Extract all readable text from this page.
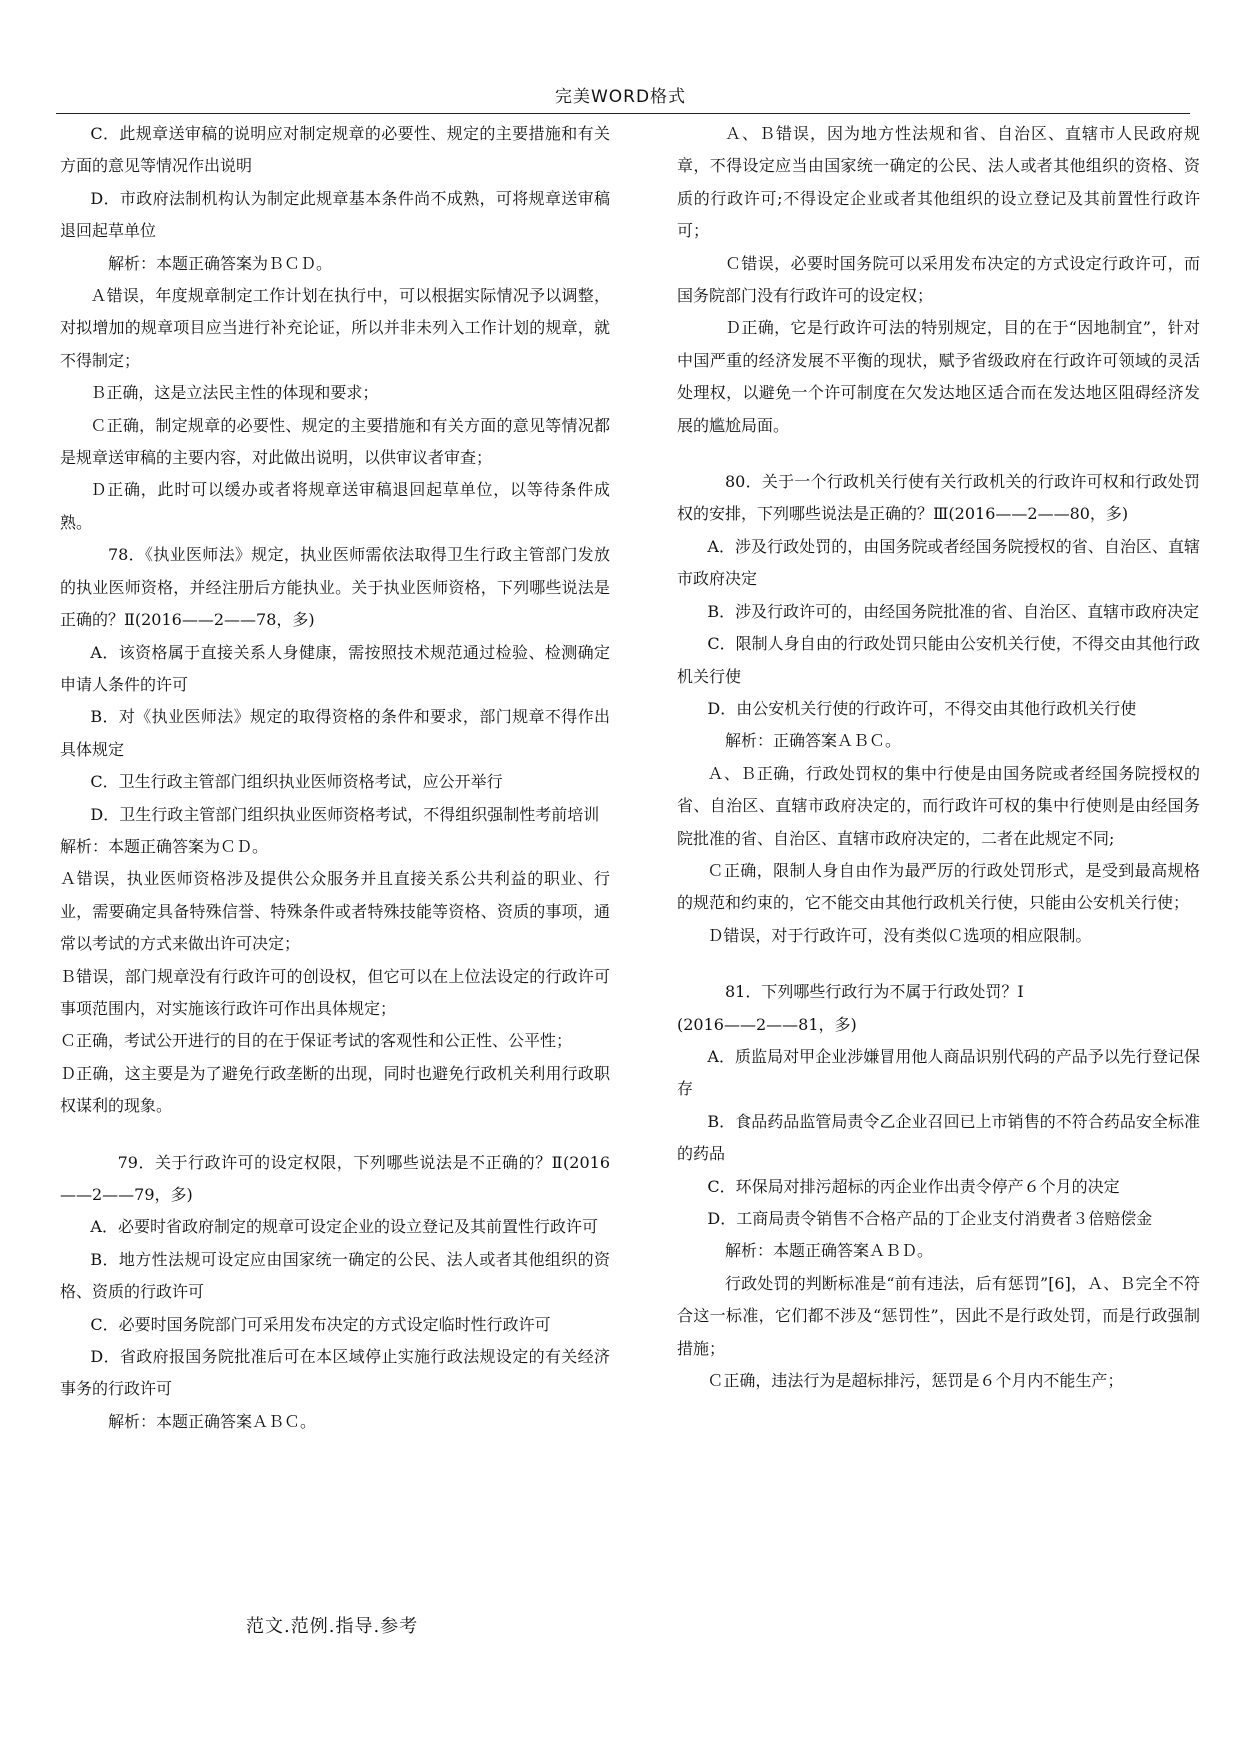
完美WORD格式

C．此规章送审稿的说明应对制定规章的必要性、规定的主要措施和有关方面的意见等情况作出说明

D．市政府法制机构认为制定此规章基本条件尚不成熟，可将规章送审稿退回起草单位

解析：本题正确答案为ＢＣＤ。

Ａ错误，年度规章制定工作计划在执行中，可以根据实际情况予以调整，对拟增加的规章项目应当进行补充论证，所以并非未列入工作计划的规章，就不得制定；

Ｂ正确，这是立法民主性的体现和要求；

Ｃ正确，制定规章的必要性、规定的主要措施和有关方面的意见等情况都是规章送审稿的主要内容，对此做出说明，以供审议者审查；

Ｄ正确，此时可以缓办或者将规章送审稿退回起草单位，以等待条件成熟。

78．《执业医师法》规定，执业医师需依法取得卫生行政主管部门发放的执业医师资格，并经注册后方能执业。关于执业医师资格，下列哪些说法是正确的？Ⅱ(2016——2——78，多)

A．该资格属于直接关系人身健康，需按照技术规范通过检验、检测确定申请人条件的许可

B．对《执业医师法》规定的取得资格的条件和要求，部门规章不得作出具体规定

C．卫生行政主管部门组织执业医师资格考试，应公开举行

D．卫生行政主管部门组织执业医师资格考试，不得组织强制性考前培训

解析：本题正确答案为ＣＤ。

Ａ错误，执业医师资格涉及提供公众服务并且直接关系公共利益的职业、行业，需要确定具备特殊信誉、特殊条件或者特殊技能等资格、资质的事项，通常以考试的方式来做出许可决定；

Ｂ错误，部门规章没有行政许可的创设权，但它可以在上位法设定的行政许可事项范围内，对实施该行政许可作出具体规定；

Ｃ正确，考试公开进行的目的在于保证考试的客观性和公正性、公平性；

Ｄ正确，这主要是为了避免行政垄断的出现，同时也避免行政机关利用行政职权谋利的现象。

79．关于行政许可的设定权限，下列哪些说法是不正确的？Ⅱ(2016——2——79，多)

A．必要时省政府制定的规章可设定企业的设立登记及其前置性行政许可

B．地方性法规可设定应由国家统一确定的公民、法人或者其他组织的资格、资质的行政许可

C．必要时国务院部门可采用发布决定的方式设定临时性行政许可

D．省政府报国务院批准后可在本区域停止实施行政法规设定的有关经济事务的行政许可

解析：本题正确答案ＡＢＣ。

Ａ、Ｂ错误，因为地方性法规和省、自治区、直辖市人民政府规章，不得设定应当由国家统一确定的公民、法人或者其他组织的资格、资质的行政许可;不得设定企业或者其他组织的设立登记及其前置性行政许可；

Ｃ错误，必要时国务院可以采用发布决定的方式设定行政许可，而国务院部门没有行政许可的设定权；

Ｄ正确，它是行政许可法的特别规定，目的在于“因地制宜”，针对中国严重的经济发展不平衡的现状，赋予省级政府在行政许可领域的灵活处理权，以避免一个许可制度在欠发达地区适合而在发达地区阻碍经济发展的尴尬局面。

80．关于一个行政机关行使有关行政机关的行政许可权和行政处罚权的安排，下列哪些说法是正确的？Ⅲ(2016——2——80，多)

A．涉及行政处罚的，由国务院或者经国务院授权的省、自治区、直辖市政府决定

B．涉及行政许可的，由经国务院批准的省、自治区、直辖市政府决定

C．限制人身自由的行政处罚只能由公安机关行使，不得交由其他行政机关行使

D．由公安机关行使的行政许可，不得交由其他行政机关行使

解析：正确答案ＡＢＣ。

Ａ、Ｂ正确，行政处罚权的集中行使是由国务院或者经国务院授权的省、自治区、直辖市政府决定的，而行政许可权的集中行使则是由经国务院批准的省、自治区、直辖市政府决定的，二者在此规定不同;

Ｃ正确，限制人身自由作为最严厉的行政处罚形式，是受到最高规格的规范和约束的，它不能交由其他行政机关行使，只能由公安机关行使；

Ｄ错误，对于行政许可，没有类似Ｃ选项的相应限制。

81．下列哪些行政行为不属于行政处罚？Ⅰ

(2016——2——81，多)

A．质监局对甲企业涉嫌冒用他人商品识别代码的产品予以先行登记保存

B．食品药品监管局责令乙企业召回已上市销售的不符合药品安全标准的药品

C．环保局对排污超标的丙企业作出责令停产６个月的决定

D．工商局责令销售不合格产品的丁企业支付消费者３倍赔偿金

解析：本题正确答案ＡＢＤ。

行政处罚的判断标准是“前有违法，后有惩罚”[6]，Ａ、Ｂ完全不符合这一标准，它们都不涉及“惩罚性”，因此不是行政处罚，而是行政强制措施；

Ｃ正确，违法行为是超标排污，惩罚是６个月内不能生产；

范文.范例.指导.参考
